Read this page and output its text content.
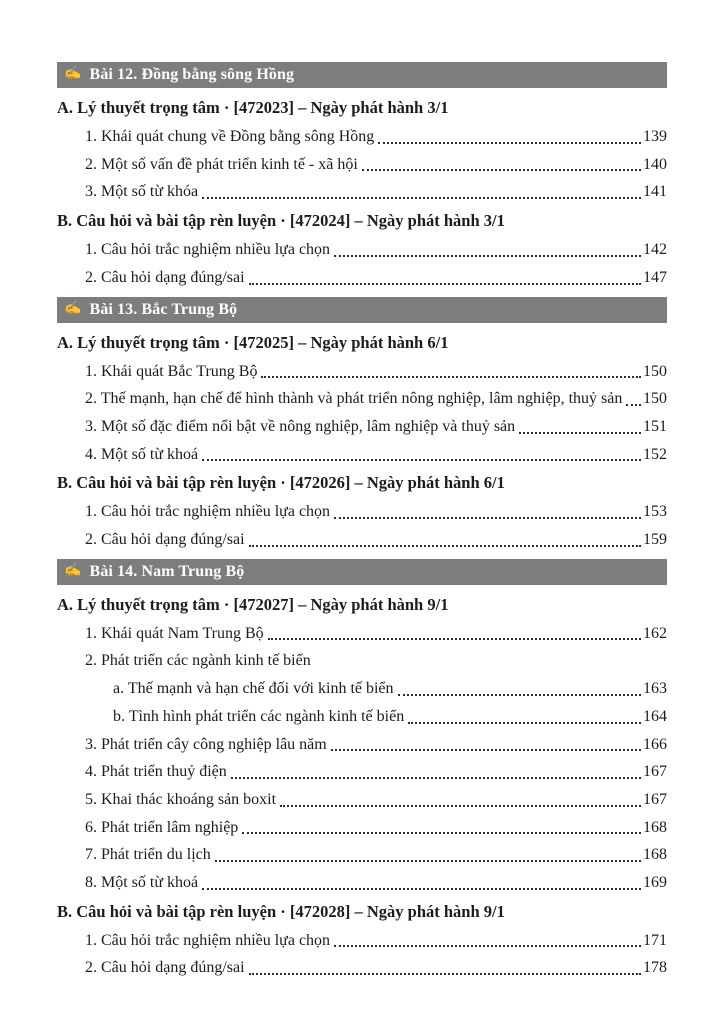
✍ Bài 12. Đồng bằng sông Hồng
A. Lý thuyết trọng tâm · [472023] – Ngày phát hành 3/1
1. Khái quát chung về Đồng bằng sông Hồng	139
2. Một số vấn đề phát triển kinh tế - xã hội	140
3. Một số từ khóa	141
B. Câu hỏi và bài tập rèn luyện · [472024] – Ngày phát hành 3/1
1. Câu hỏi trắc nghiệm nhiều lựa chọn	142
2. Câu hỏi dạng đúng/sai	147
✍ Bài 13. Bắc Trung Bộ
A. Lý thuyết trọng tâm · [472025] – Ngày phát hành 6/1
1. Khái quát Bắc Trung Bộ	150
2. Thế mạnh, hạn chế để hình thành và phát triển nông nghiệp, lâm nghiệp, thuỷ sản 150
3. Một số đặc điểm nổi bật về nông nghiệp, lâm nghiệp và thuỷ sản	151
4. Một số từ khoá	152
B. Câu hỏi và bài tập rèn luyện · [472026] – Ngày phát hành 6/1
1. Câu hỏi trắc nghiệm nhiều lựa chọn	153
2. Câu hỏi dạng đúng/sai	159
✍ Bài 14. Nam Trung Bộ
A. Lý thuyết trọng tâm · [472027] – Ngày phát hành 9/1
1. Khái quát Nam Trung Bộ	162
2. Phát triển các ngành kinh tế biển
a. Thế mạnh và hạn chế đối với kinh tế biển	163
b. Tình hình phát triển các ngành kinh tế biển	164
3. Phát triển cây công nghiệp lâu năm	166
4. Phát triển thuỷ điện	167
5. Khai thác khoáng sản boxit	167
6. Phát triển lâm nghiệp	168
7. Phát triển du lịch	168
8. Một số từ khoá	169
B. Câu hỏi và bài tập rèn luyện · [472028] – Ngày phát hành 9/1
1. Câu hỏi trắc nghiệm nhiều lựa chọn	171
2. Câu hỏi dạng đúng/sai	178
